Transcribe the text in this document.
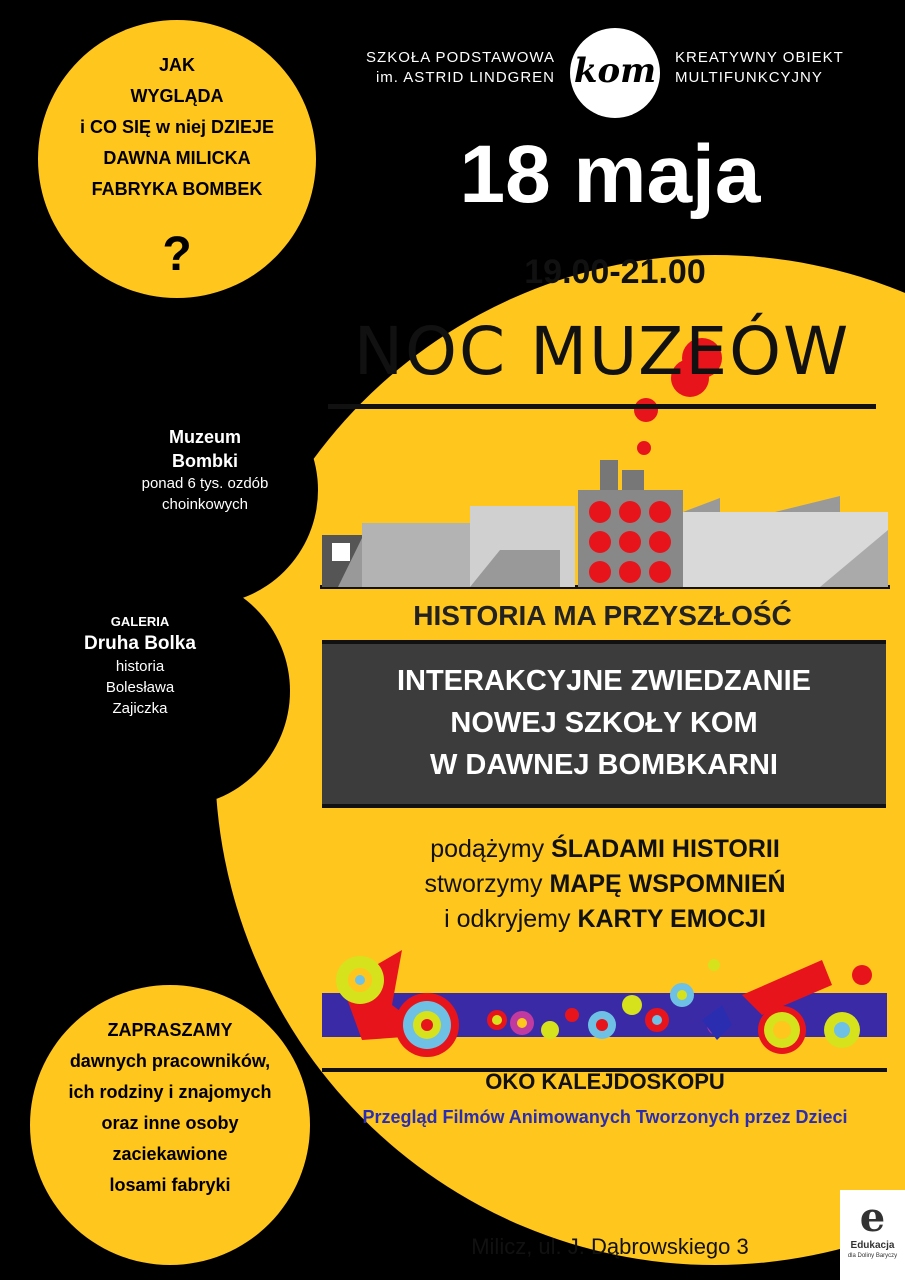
SZKOŁA PODSTAWOWA
im. ASTRID LINDGREN kom KREATYWNY OBIEKT
MULTIFUNKCYJNY
18 maja
JAK
WYGLĄDA
i CO SIĘ w niej DZIEJE
DAWNA MILICKA
FABRYKA BOMBEK
?
Muzeum
Bombki
ponad 6 tys. ozdób
choinkowych
GALERIA
Druha Bolka
historia
Bolesława
Zajiczka
ZAPRASZAMY
dawnych pracowników,
ich rodziny i znajomych
oraz inne osoby
zaciekawione
losami fabryki
19.00-21.00
NOC MUZEÓW
HISTORIA MA PRZYSZŁOŚĆ
INTERAKCYJNE ZWIEDZANIE
NOWEJ SZKOŁY KOM
W DAWNEJ BOMBKARNI
podążymy ŚLADAMI HISTORII
stworzymy MAPĘ WSPOMNIEŃ
i odkryjemy KARTY EMOCJI
OKO KALEJDOSKOPU
Przegląd Filmów Animowanych Tworzonych przez Dzieci
Milicz, ul. J. Dąbrowskiego 3
e
Edukacja
dla Doliny Baryczy
